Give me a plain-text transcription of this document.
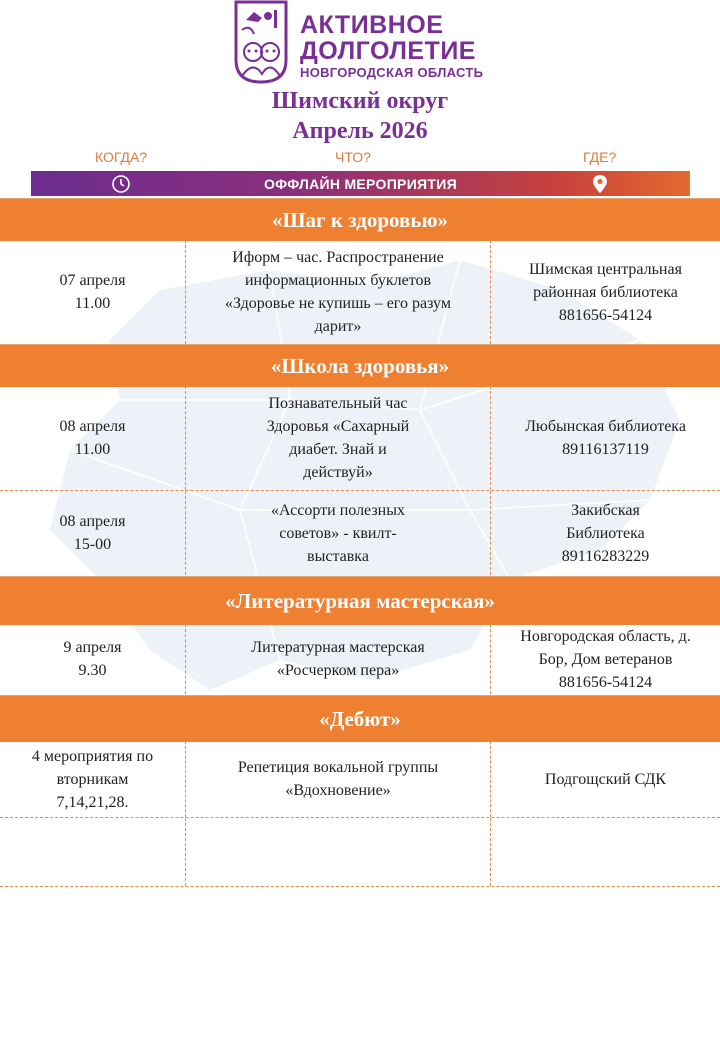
АКТИВНОЕ
ДОЛГОЛЕТИЕ
НОВГОРОДСКАЯ ОБЛАСТЬ
Шимский округ
Апрель 2026
КОГДА?	ЧТО?	ГДЕ?
ОФФЛАЙН МЕРОПРИЯТИЯ
«Шаг к здоровью»
07 апреля
11.00
Иформ – час. Распространение
информационных буклетов
«Здоровье не купишь – его разум
дарит»
Шимская центральная
районная библиотека
881656-54124
«Школа здоровья»
08 апреля
11.00
Познавательный час
Здоровья «Сахарный
диабет. Знай и
действуй»
Любынская библиотека
89116137119
08 апреля
15-00
«Ассорти полезных
советов» - квилт-
выставка
Закибская
Библиотека
89116283229
«Литературная мастерская»
9 апреля
9.30
Литературная мастерская
«Росчерком пера»
Новгородская область, д.
Бор, Дом ветеранов
881656-54124
«Дебют»
4 мероприятия по
вторникам
7,14,21,28.
Репетиция вокальной группы
«Вдохновение»
Подгощский СДК
